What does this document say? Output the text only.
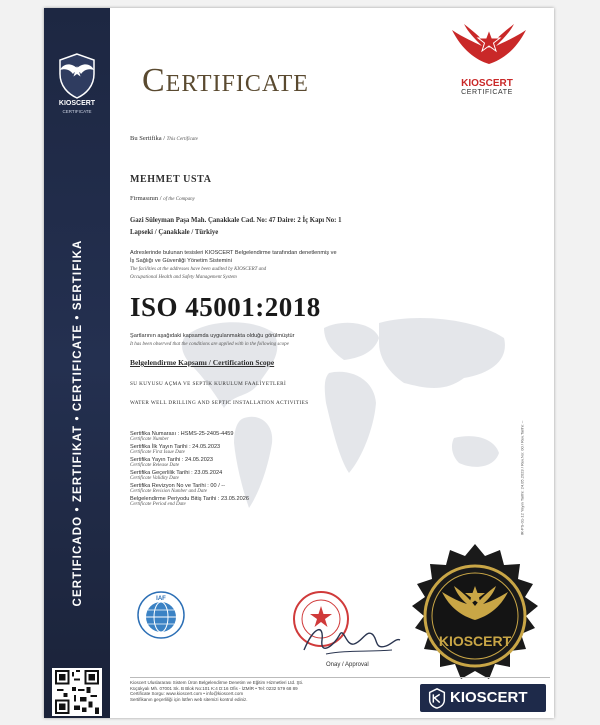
KIOSCERT
CERTIFICATE
CERTIFICADO • ZERTIFIKAT • CERTIFICATE • SERTIFIKA
Certificate	KIOSCERT
CERTIFICATE
Bu Sertifika / This Certificate
MEHMET USTA
Firmasının / of the Company
Gazi Süleyman Paşa Mah. Çanakkale Cad. No: 47 Daire: 2 İç Kapı No: 1
Lapseki / Çanakkale / Türkiye
Adreslerinde bulunan tesisleri KIOSCERT Belgelendirme tarafından denetlenmiş ve
İş Sağlığı ve Güvenliği Yönetim Sistemini
The facilities at the addresses have been audited by KIOSCERT and
Occupational Health and Safety Management System
ISO 45001:2018
Şartlarının aşağıdaki kapsamda uygulanmakta olduğu görülmüştür
It has been observed that the conditions are applied with in the following scope
Belgelendirme Kapsamı / Certification Scope
SU KUYUSU AÇMA VE SEPTİK KURULUM FAALİYETLERİ
WATER WELL DRILLING AND SEPTIC INSTALLATION ACTIVITIES
Sertifika Numarası : HSMS-25-2405-4459
Certificate Number
Sertifika İlk Yayın Tarihi : 24.05.2023
Certificate First Issue Date
Sertifika Yayın Tarihi : 24.05.2023
Certificate Release Date
Sertifika Geçerlilik Tarihi : 23.05.2024
Certificate Validity Date
Sertifika Revizyon No ve Tarihi : 00 / --
Certificate Revision Number and Date
Belgelendirme Periyodu Bitiş Tarihi : 23.05.2026
Certificate Period end Date	IR-PS-01-12 Yayın Tarihi: 24.05.2023 / Rev.No: 00 / Rev.Tarihi: --
IAF
Onay / Approval
KIOSCERT
Kioscert Uluslararası Sistem Ürün Belgelendirme Denetim ve Eğitim Hizmetleri Ltd. Şti.
Küçükyalı Mh. 07001 Sk. B Blok No:101 K:4 D:16 Ofis - İZMİR • Tel: 0232 579 68 89
Certificate Sorgu: www.kioscert.com • info@kioscert.com
Sertifikanın geçerliliği için lütfen web sitemizi kontrol ediniz.	KIOSCERT
